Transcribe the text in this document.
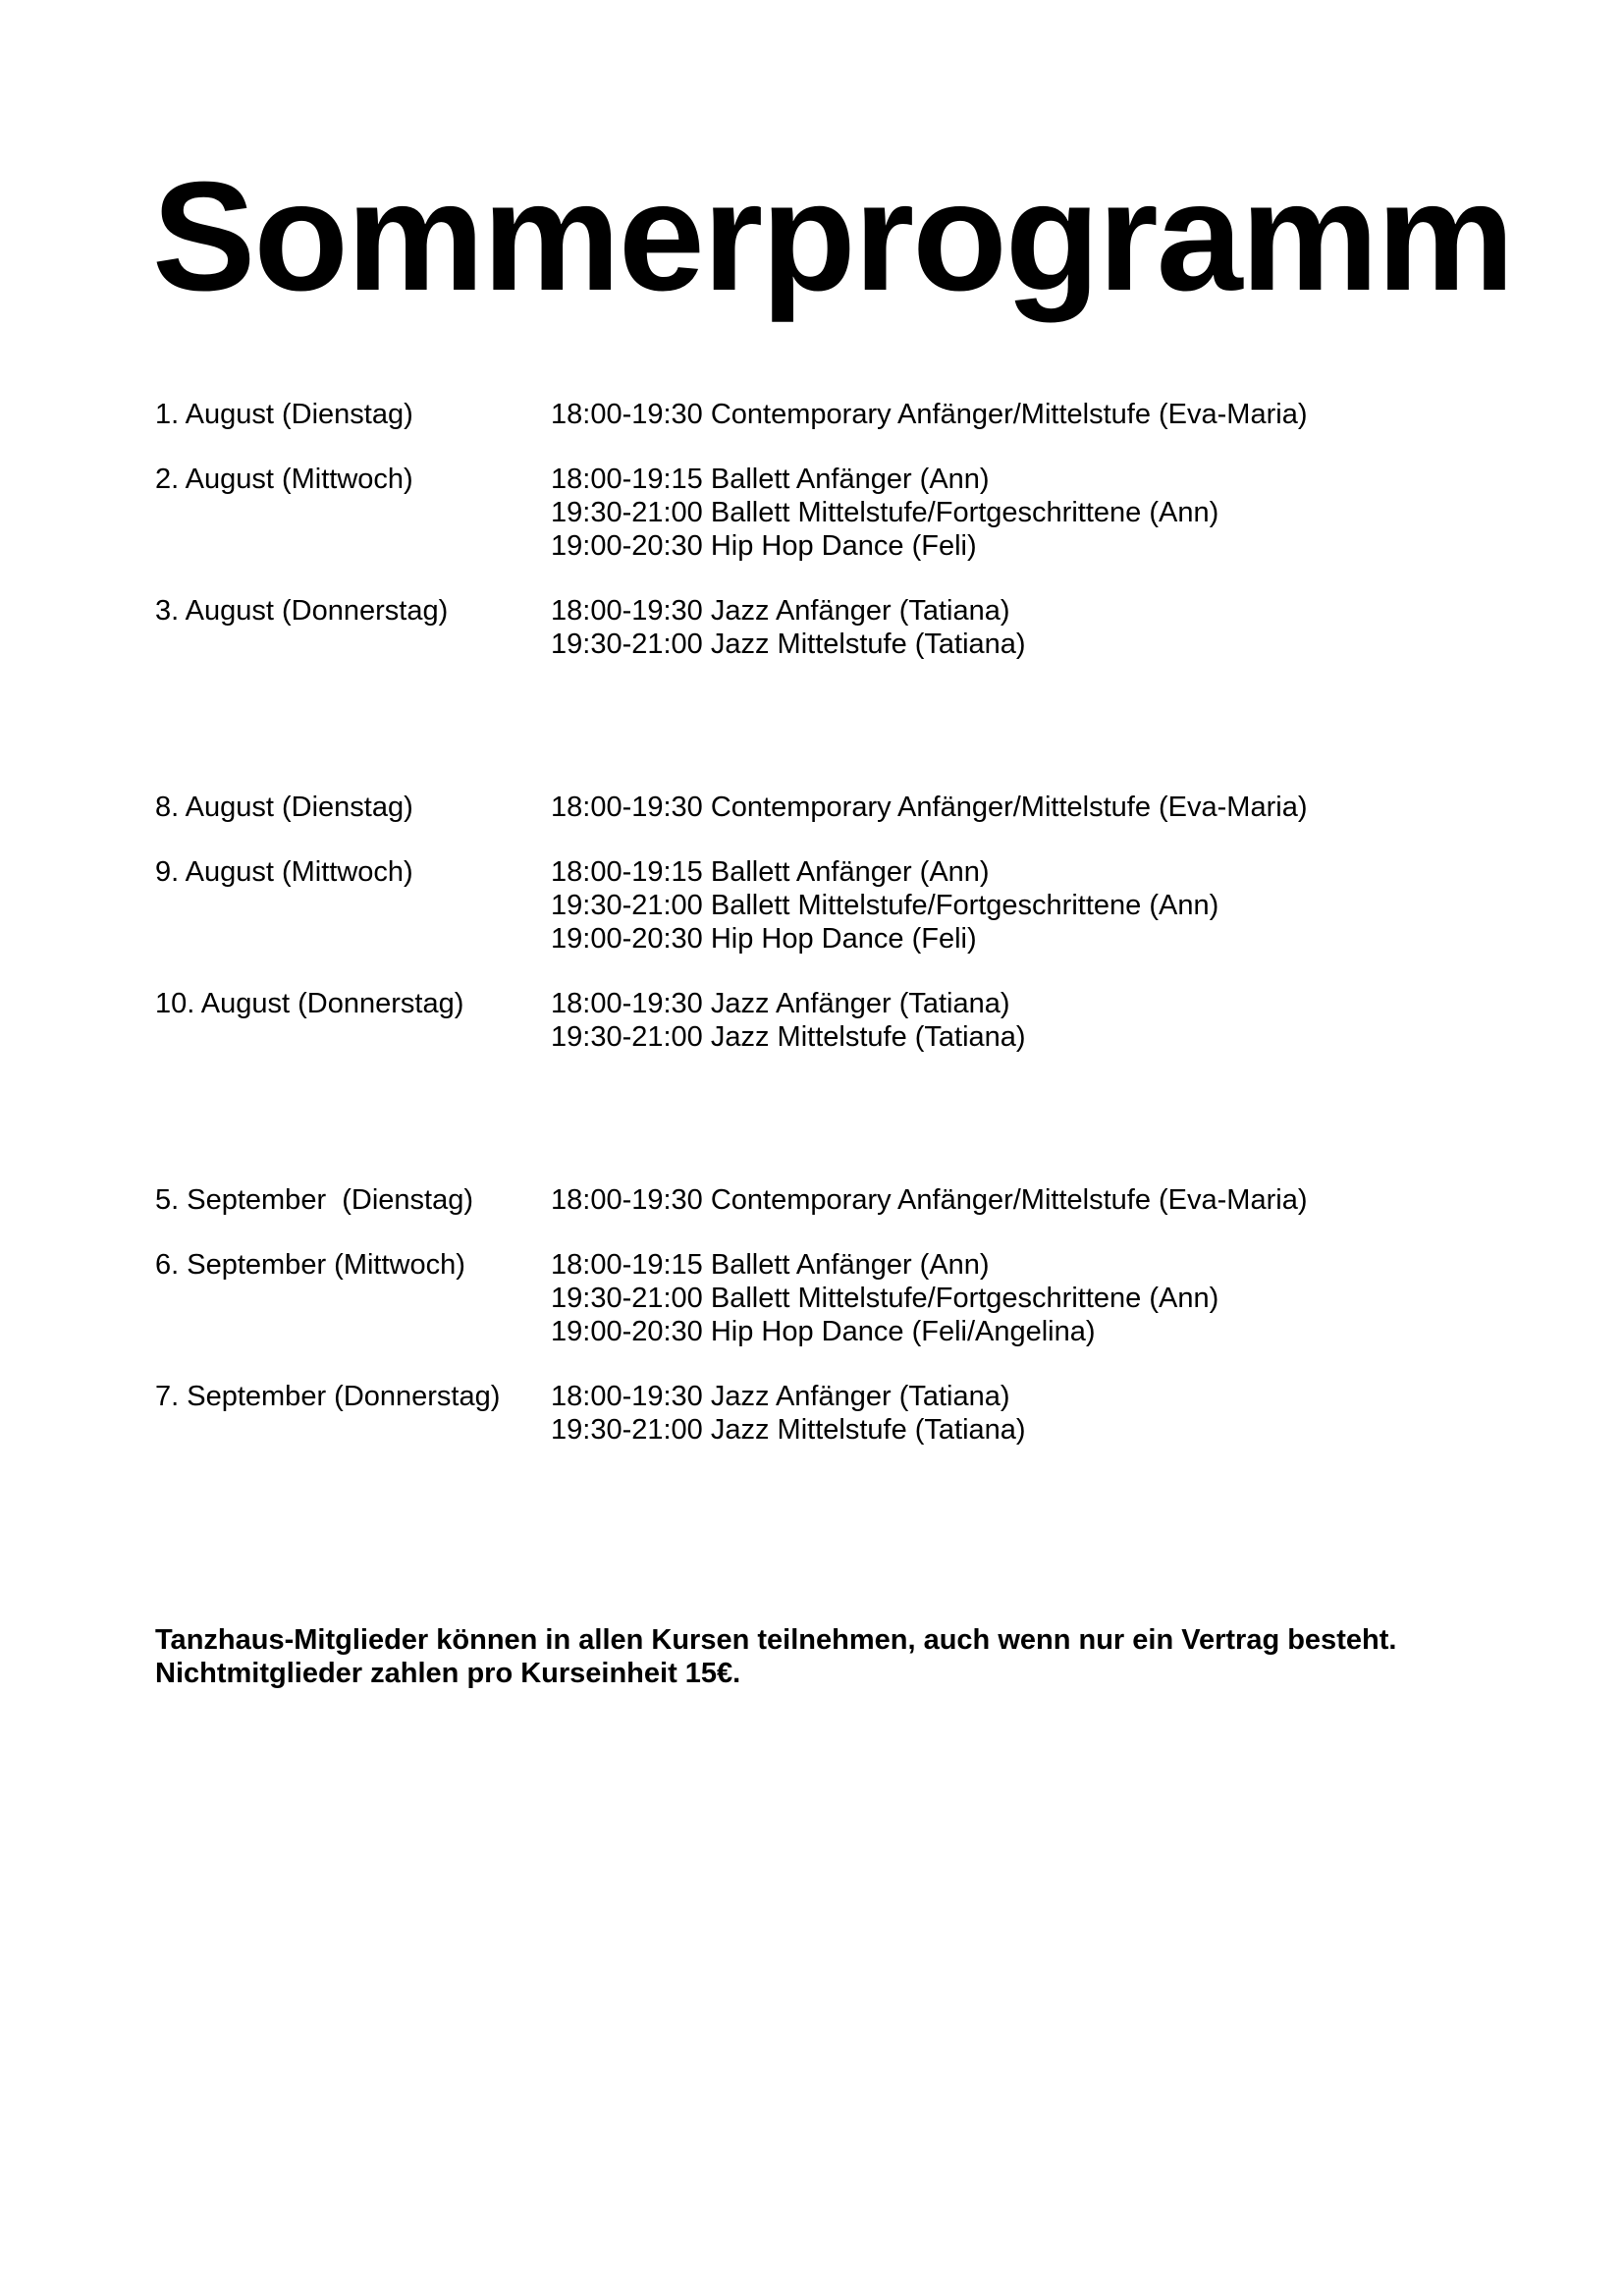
Sommerprogramm
1. August (Dienstag)	18:00-19:30 Contemporary Anfänger/Mittelstufe (Eva-Maria)
2. August (Mittwoch)	18:00-19:15 Ballett Anfänger (Ann)
19:30-21:00 Ballett Mittelstufe/Fortgeschrittene (Ann)
19:00-20:30 Hip Hop Dance (Feli)
3. August (Donnerstag)	18:00-19:30 Jazz Anfänger (Tatiana)
19:30-21:00 Jazz Mittelstufe (Tatiana)
8. August (Dienstag)	18:00-19:30 Contemporary Anfänger/Mittelstufe (Eva-Maria)
9. August (Mittwoch)	18:00-19:15 Ballett Anfänger (Ann)
19:30-21:00 Ballett Mittelstufe/Fortgeschrittene (Ann)
19:00-20:30 Hip Hop Dance (Feli)
10. August (Donnerstag)	18:00-19:30 Jazz Anfänger (Tatiana)
19:30-21:00 Jazz Mittelstufe (Tatiana)
5. September  (Dienstag)	18:00-19:30 Contemporary Anfänger/Mittelstufe (Eva-Maria)
6. September (Mittwoch)	18:00-19:15 Ballett Anfänger (Ann)
19:30-21:00 Ballett Mittelstufe/Fortgeschrittene (Ann)
19:00-20:30 Hip Hop Dance (Feli/Angelina)
7. September (Donnerstag)	18:00-19:30 Jazz Anfänger (Tatiana)
19:30-21:00 Jazz Mittelstufe (Tatiana)
Tanzhaus-Mitglieder können in allen Kursen teilnehmen, auch wenn nur ein Vertrag besteht.
Nichtmitglieder zahlen pro Kurseinheit 15€.
